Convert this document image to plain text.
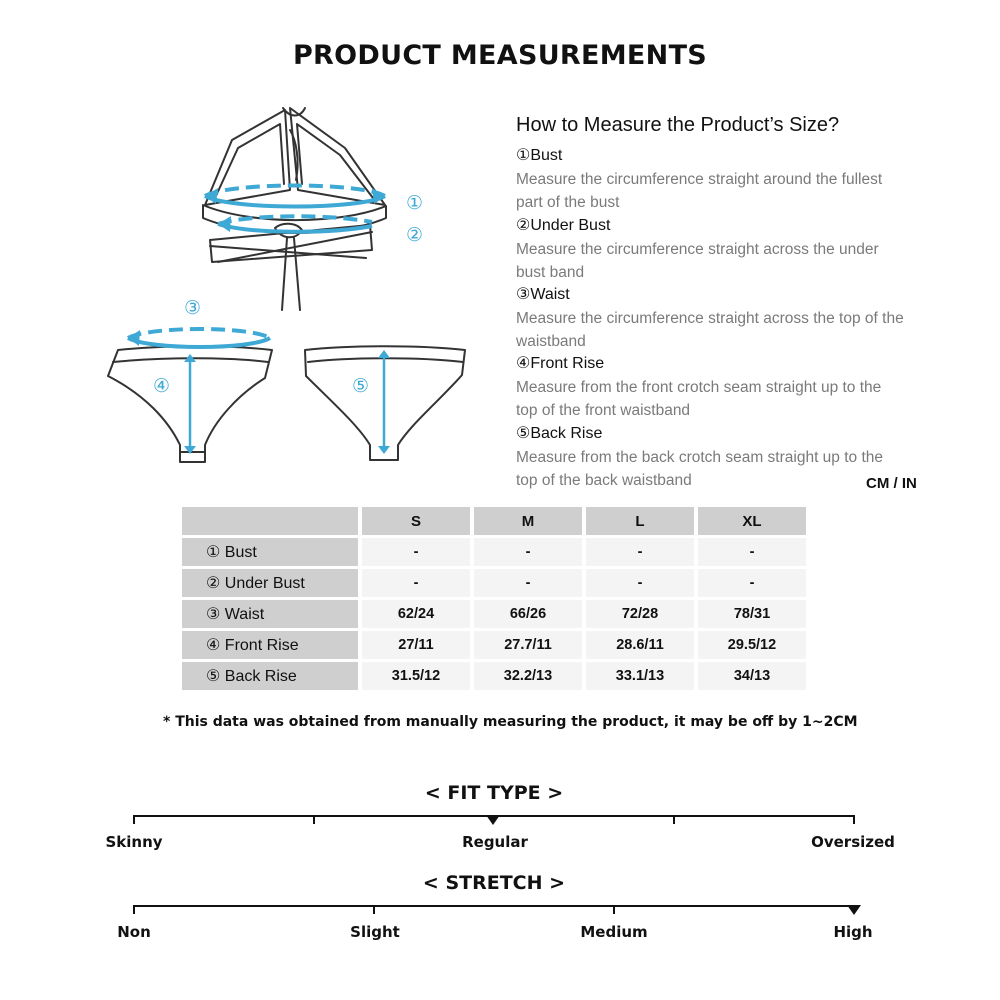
PRODUCT MEASUREMENTS
①
②
③
④	⑤
How to Measure the Product’s Size?
①Bust
Measure the circumference straight around the fullest part of the bust
②Under Bust
Measure the circumference straight across the under bust band
③Waist
Measure the circumference straight across the top of the waistband
④Front Rise
Measure from the front crotch seam straight up to the top of the front waistband
⑤Back Rise
Measure from the back crotch seam straight up to the top of the back waistband	CM / IN
	S	M	L	XL
① Bust	-	-	-	-
② Under Bust	-	-	-	-
③ Waist	62/24	66/26	72/28	78/31
④ Front Rise	27/11	27.7/11	28.6/11	29.5/12
⑤ Back Rise	31.5/12	32.2/13	33.1/13	34/13
* This data was obtained from manually measuring the product, it may be off by 1~2CM
< FIT TYPE >
Skinny	Regular	Oversized
< STRETCH >
Non	Slight	Medium	High
